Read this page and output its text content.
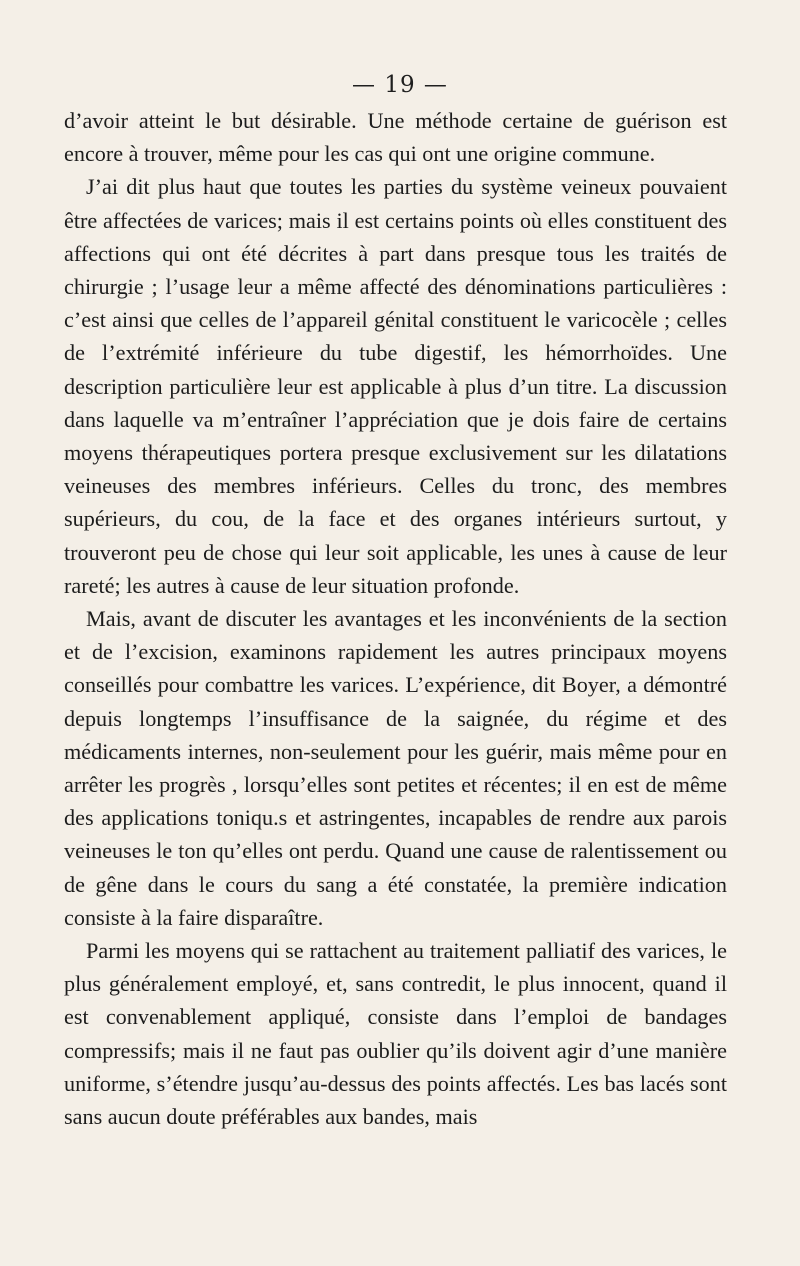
— 19 —

d’avoir atteint le but désirable. Une méthode certaine de guérison est encore à trouver, même pour les cas qui ont une origine commune.

J’ai dit plus haut que toutes les parties du système veineux pouvaient être affectées de varices; mais il est certains points où elles constituent des affections qui ont été décrites à part dans presque tous les traités de chirurgie ; l’usage leur a même affecté des dénominations particulières : c’est ainsi que celles de l’appareil génital constituent le varicocèle ; celles de l’extrémité inférieure du tube digestif, les hémorrhoïdes. Une description particulière leur est applicable à plus d’un titre. La discussion dans laquelle va m’entraîner l’appréciation que je dois faire de certains moyens thérapeutiques portera presque exclusivement sur les dilatations veineuses des membres inférieurs. Celles du tronc, des membres supérieurs, du cou, de la face et des organes intérieurs surtout, y trouveront peu de chose qui leur soit applicable, les unes à cause de leur rareté; les autres à cause de leur situation profonde.

Mais, avant de discuter les avantages et les inconvénients de la section et de l’excision, examinons rapidement les autres principaux moyens conseillés pour combattre les varices. L’expérience, dit Boyer, a démontré depuis longtemps l’insuffisance de la saignée, du régime et des médicaments internes, non-seulement pour les guérir, mais même pour en arrêter les progrès , lorsqu’elles sont petites et récentes; il en est de même des applications toniqu.s et astringentes, incapables de rendre aux parois veineuses le ton qu’elles ont perdu. Quand une cause de ralentissement ou de gêne dans le cours du sang a été constatée, la première indication consiste à la faire disparaître.

Parmi les moyens qui se rattachent au traitement palliatif des varices, le plus généralement employé, et, sans contredit, le plus innocent, quand il est convenablement appliqué, consiste dans l’emploi de bandages compressifs; mais il ne faut pas oublier qu’ils doivent agir d’une manière uniforme, s’étendre jusqu’au-dessus des points affectés. Les bas lacés sont sans aucun doute préférables aux bandes, mais
